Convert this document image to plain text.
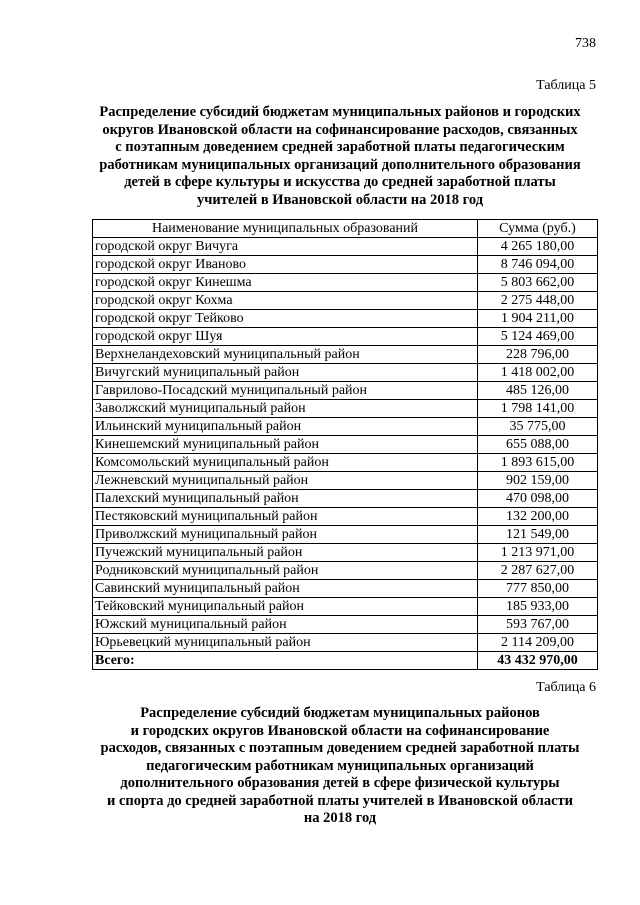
738
Таблица 5
Распределение субсидий бюджетам муниципальных районов и городских
округов Ивановской области на софинансирование расходов, связанных
с поэтапным доведением средней заработной платы педагогическим
работникам муниципальных организаций дополнительного образования
детей в сфере культуры и искусства до средней заработной платы
учителей в Ивановской области на 2018 год
Наименование муниципальных образований	Сумма (руб.)
городской округ Вичуга	4 265 180,00
городской округ Иваново	8 746 094,00
городской округ Кинешма	5 803 662,00
городской округ Кохма	2 275 448,00
городской округ Тейково	1 904 211,00
городской округ Шуя	5 124 469,00
Верхнеландеховский муниципальный район	228 796,00
Вичугский муниципальный район	1 418 002,00
Гаврилово-Посадский муниципальный район	485 126,00
Заволжский муниципальный район	1 798 141,00
Ильинский муниципальный район	35 775,00
Кинешемский муниципальный район	655 088,00
Комсомольский муниципальный район	1 893 615,00
Лежневский муниципальный район	902 159,00
Палехский муниципальный район	470 098,00
Пестяковский муниципальный район	132 200,00
Приволжский муниципальный район	121 549,00
Пучежский муниципальный район	1 213 971,00
Родниковский муниципальный район	2 287 627,00
Савинский муниципальный район	777 850,00
Тейковский муниципальный район	185 933,00
Южский муниципальный район	593 767,00
Юрьевецкий муниципальный район	2 114 209,00
Всего:	43 432 970,00
Таблица 6
Распределение субсидий бюджетам муниципальных районов
и городских округов Ивановской области на софинансирование
расходов, связанных с поэтапным доведением средней заработной платы
педагогическим работникам муниципальных организаций
дополнительного образования детей в сфере физической культуры
и спорта до средней заработной платы учителей в Ивановской области
на 2018 год
